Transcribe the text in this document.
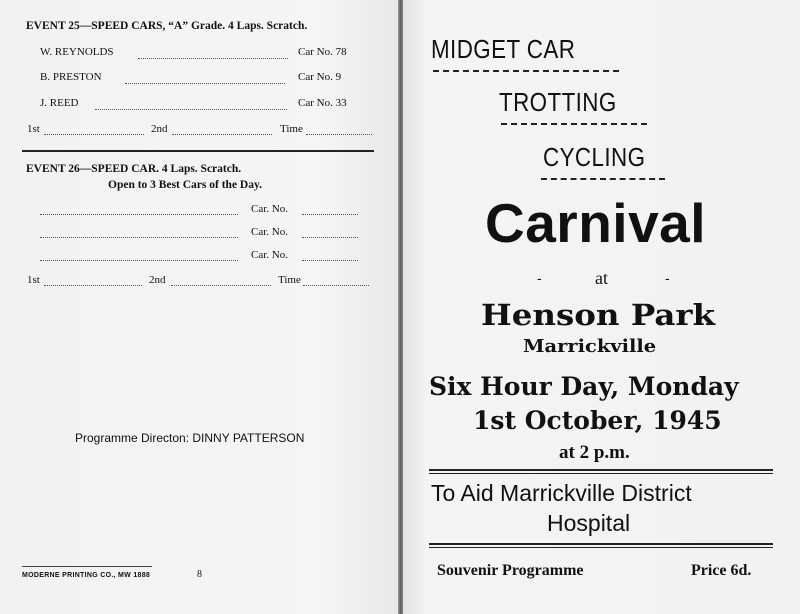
EVENT 25—SPEED CARS, “A” Grade. 4 Laps. Scratch.
W. REYNOLDS	Car No. 78
B. PRESTON	Car No. 9
J. REED	Car No. 33
1st	2nd	Time
EVENT 26—SPEED CAR. 4 Laps. Scratch.
Open to 3 Best Cars of the Day.
Car. No.
Car. No.
Car. No.
1st	2nd	Time
Programme Directon: DINNY PATTERSON
MODERNE PRINTING CO., MW 1888	8
MIDGET CAR
TROTTING
CYCLING
Carnival
-	at	-
Henson Park
Marrickville
Six Hour Day, Monday
1st October, 1945
at 2 p.m.
To Aid Marrickville District
Hospital
Souvenir Programme	Price 6d.
